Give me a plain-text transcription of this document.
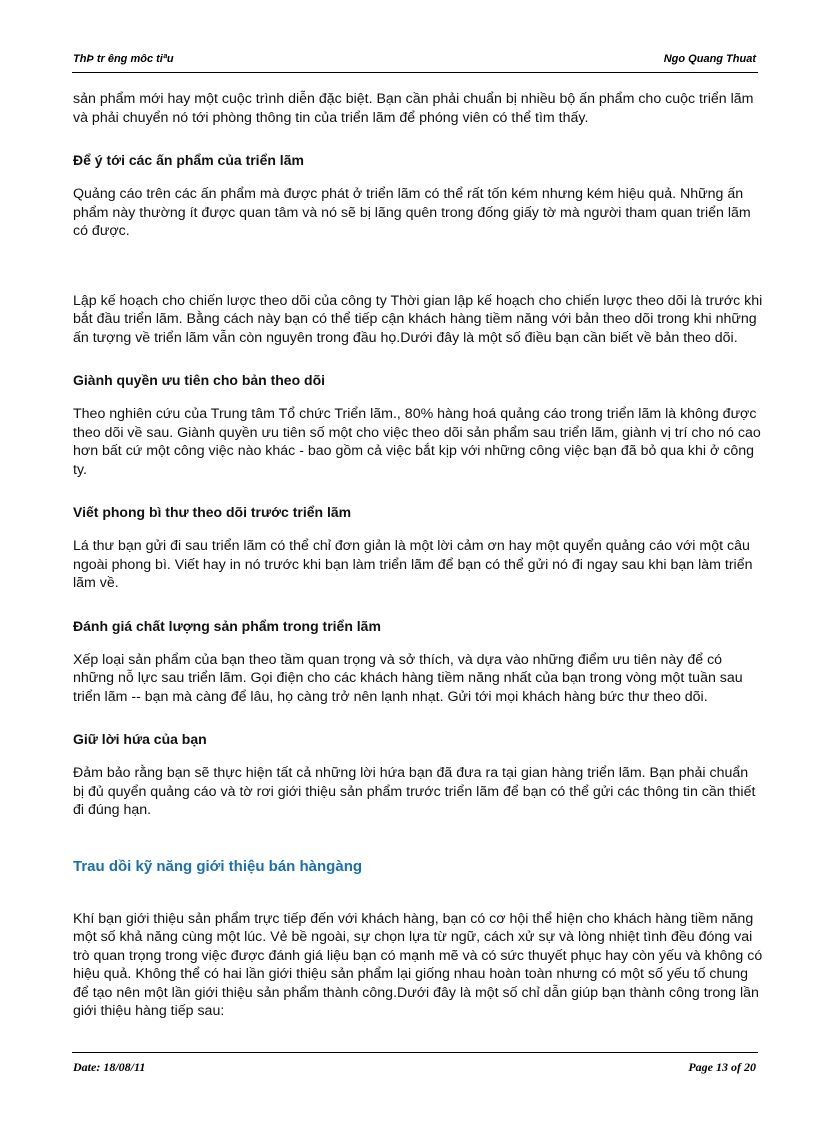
ThÞ tr êng môc tiªu	Ngo Quang Thuat

sản phẩm mới hay một cuộc trình diễn đặc biệt. Bạn cần phải chuẩn bị nhiều bộ ấn phẩm cho cuộc triển lãm và phải chuyển nó tới phòng thông tin của triển lãm để phóng viên có thể tìm thấy.

Để ý tới các ấn phẩm của triển lãm

Quảng cáo trên các ấn phẩm mà được phát ở triển lãm có thể rất tốn kém nhưng kém hiệu quả. Những ấn phẩm này thường ít được quan tâm và nó sẽ bị lãng quên trong đống giấy tờ mà người tham quan triển lãm có được.

Lập kế hoạch cho chiến lược theo dõi của công ty Thời gian lập kế hoạch cho chiến lược theo dõi là trước khi bắt đầu triển lãm. Bằng cách này bạn có thể tiếp cận khách hàng tiềm năng với bản theo dõi trong khi những ấn tượng về triển lãm vẫn còn nguyên trong đầu họ.Dưới đây là một số điều bạn cần biết về bản theo dõi.

Giành quyền ưu tiên cho bản theo dõi

Theo nghiên cứu của Trung tâm Tổ chức Triển lãm., 80% hàng hoá quảng cáo trong triển lãm là không được theo dõi về sau. Giành quyền ưu tiên số một cho việc theo dõi sản phẩm sau triển lãm, giành vị trí cho nó cao hơn bất cứ một công việc nào khác - bao gồm cả việc bắt kịp với những công việc bạn đã bỏ qua khi ở công ty.

Viết phong bì thư theo dõi trước triển lãm

Lá thư bạn gửi đi sau triển lãm có thể chỉ đơn giản là một lời cảm ơn hay một quyển quảng cáo với một câu ngoài phong bì. Viết hay in nó trước khi bạn làm triển lãm để bạn có thể gửi nó đi ngay sau khi bạn làm triển lãm về.

Đánh giá chất lượng sản phẩm trong triển lãm

Xếp loại sản phẩm của bạn theo tầm quan trọng và sở thích, và dựa vào những điểm ưu tiên này để có những nỗ lực sau triển lãm. Gọi điện cho các khách hàng tiềm năng nhất của bạn trong vòng một tuần sau triển lãm -- bạn mà càng để lâu, họ càng trở nên lạnh nhạt. Gửi tới mọi khách hàng bức thư theo dõi.

Giữ lời hứa của bạn

Đảm bảo rằng bạn sẽ thực hiện tất cả những lời hứa bạn đã đưa ra tại gian hàng triển lãm. Bạn phải chuẩn bị đủ quyển quảng cáo và tờ rơi giới thiệu sản phẩm trước triển lãm để bạn có thể gửi các thông tin cần thiết đi đúng hạn.

Trau dồi kỹ năng giới thiệu bán hàngàng

Khí bạn giới thiệu sản phẩm trực tiếp đến với khách hàng, bạn có cơ hội thể hiện cho khách hàng tiềm năng một số khả năng cùng một lúc. Vẻ bề ngoài, sự chọn lựa từ ngữ, cách xử sự và lòng nhiệt tình đều đóng vai trò quan trọng trong việc được đánh giá liệu bạn có mạnh mẽ và có sức thuyết phục hay còn yếu và không có hiệu quả. Không thể có hai lần giới thiệu sản phẩm lại giống nhau hoàn toàn nhưng có một số yếu tố chung để tạo nên một lần giới thiệu sản phẩm thành công.Dưới đây là một số chỉ dẫn giúp bạn thành công trong lần giới thiệu hàng tiếp sau:

Date: 18/08/11	Page 13 of 20
